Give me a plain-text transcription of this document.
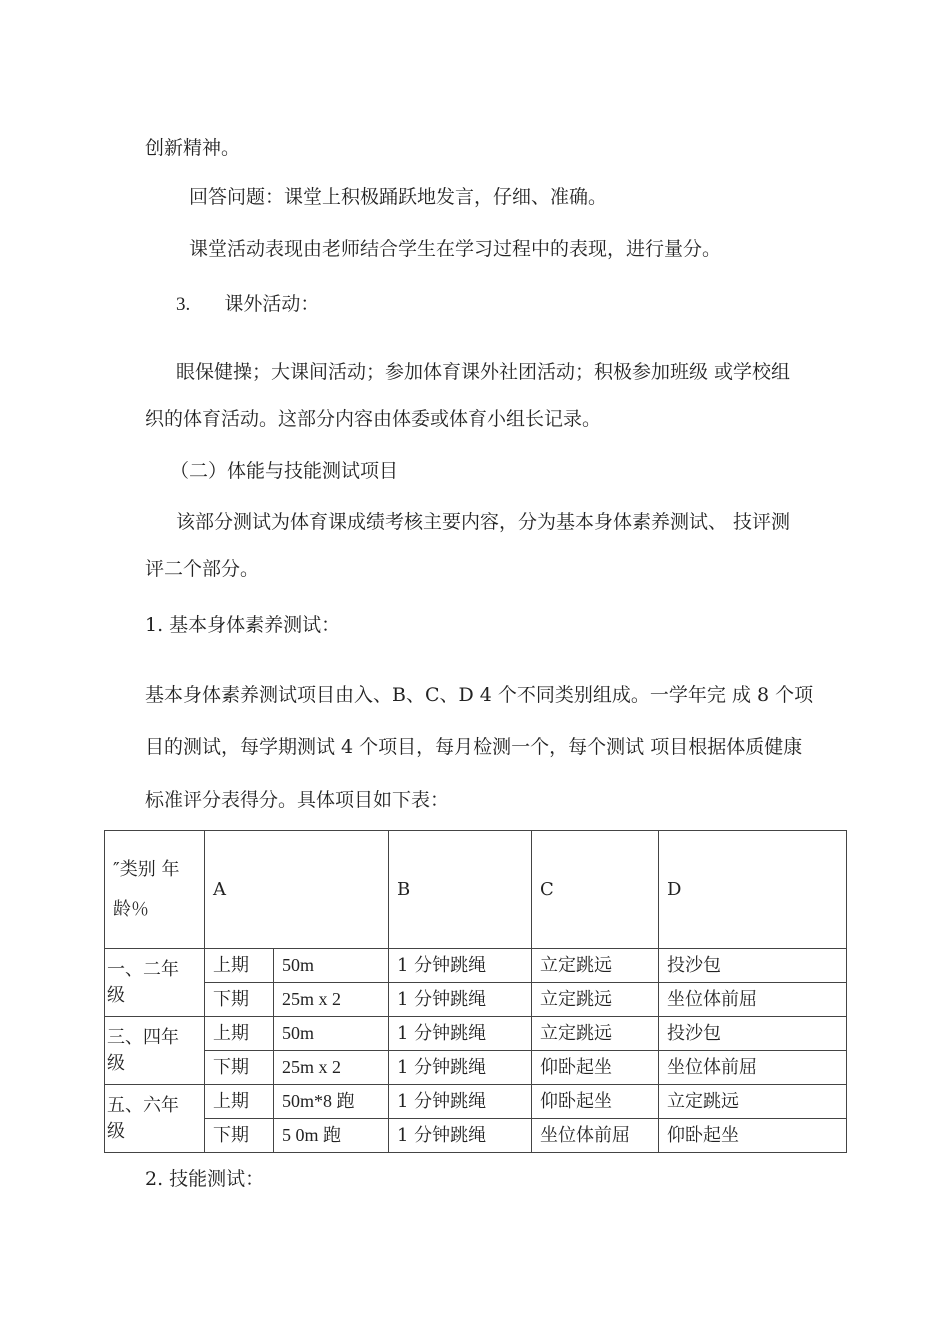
创新精神。
回答问题：课堂上积极踊跃地发言，仔细、准确。
课堂活动表现由老师结合学生在学习过程中的表现，进行量分。
3. 课外活动：
眼保健操；大课间活动；参加体育课外社团活动；积极参加班级 或学校组
织的体育活动。这部分内容由体委或体育小组长记录。
（二）体能与技能测试项目
该部分测试为体育课成绩考核主要内容，分为基本身体素养测试、 技评测
评二个部分。
1. 基本身体素养测试：
基本身体素养测试项目由入、B、C、D 4 个不同类别组成。一学年完 成 8 个项
目的测试，每学期测试 4 个项目，每月检测一个，每个测试 项目根据体质健康
标准评分表得分。具体项目如下表：
″类别 年
龄％	A		B	C	D
一、二年
级	上期	50m	1 分钟跳绳	立定跳远	投沙包
	下期	25m x 2	1 分钟跳绳	立定跳远	坐位体前屈
三、四年
级	上期	50m	1 分钟跳绳	立定跳远	投沙包
	下期	25m x 2	1 分钟跳绳	仰卧起坐	坐位体前屈
五、六年
级	上期	50m*8 跑	1 分钟跳绳	仰卧起坐	立定跳远
	下期	5 0m 跑	1 分钟跳绳	坐位体前屈	仰卧起坐
2. 技能测试：
